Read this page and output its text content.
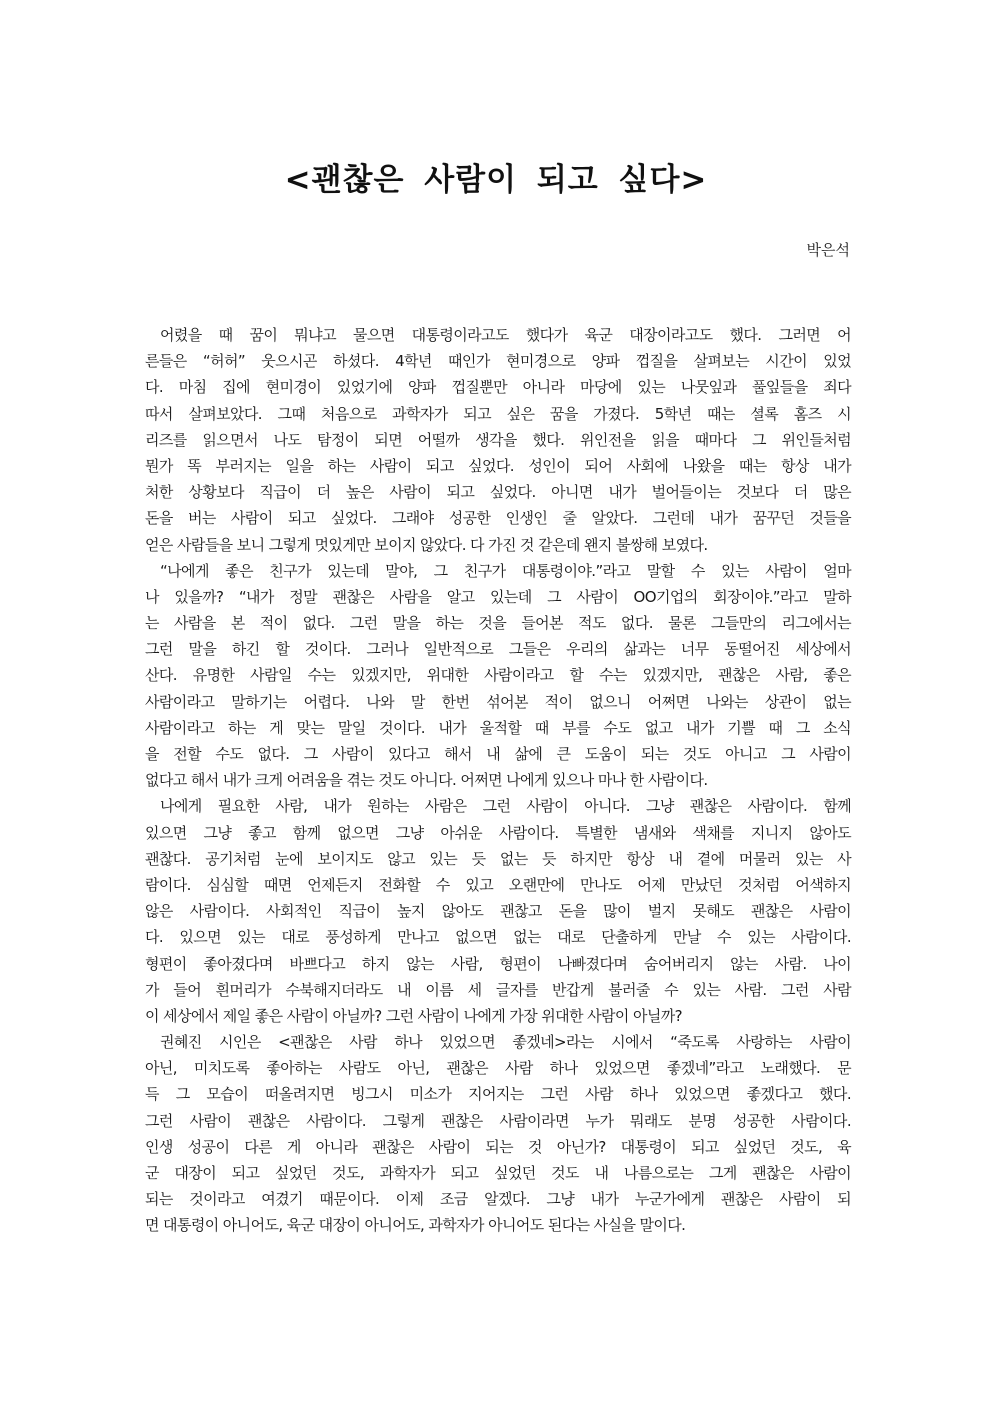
<괜찮은 사람이 되고 싶다>
박은석
어렸을 때 꿈이 뭐냐고 물으면 대통령이라고도 했다가 육군 대장이라고도 했다. 그러면 어
른들은 “허허” 웃으시곤 하셨다. 4학년 때인가 현미경으로 양파 껍질을 살펴보는 시간이 있었
다. 마침 집에 현미경이 있었기에 양파 껍질뿐만 아니라 마당에 있는 나뭇잎과 풀잎들을 죄다
따서 살펴보았다. 그때 처음으로 과학자가 되고 싶은 꿈을 가졌다. 5학년 때는 셜록 홈즈 시
리즈를 읽으면서 나도 탐정이 되면 어떨까 생각을 했다. 위인전을 읽을 때마다 그 위인들처럼
뭔가 똑 부러지는 일을 하는 사람이 되고 싶었다. 성인이 되어 사회에 나왔을 때는 항상 내가
처한 상황보다 직급이 더 높은 사람이 되고 싶었다. 아니면 내가 벌어들이는 것보다 더 많은
돈을 버는 사람이 되고 싶었다. 그래야 성공한 인생인 줄 알았다. 그런데 내가 꿈꾸던 것들을
얻은 사람들을 보니 그렇게 멋있게만 보이지 않았다. 다 가진 것 같은데 왠지 불쌍해 보였다.
“나에게 좋은 친구가 있는데 말야, 그 친구가 대통령이야.”라고 말할 수 있는 사람이 얼마
나 있을까? “내가 정말 괜찮은 사람을 알고 있는데 그 사람이 OO기업의 회장이야.”라고 말하
는 사람을 본 적이 없다. 그런 말을 하는 것을 들어본 적도 없다. 물론 그들만의 리그에서는
그런 말을 하긴 할 것이다. 그러나 일반적으로 그들은 우리의 삶과는 너무 동떨어진 세상에서
산다. 유명한 사람일 수는 있겠지만, 위대한 사람이라고 할 수는 있겠지만, 괜찮은 사람, 좋은
사람이라고 말하기는 어렵다. 나와 말 한번 섞어본 적이 없으니 어쩌면 나와는 상관이 없는
사람이라고 하는 게 맞는 말일 것이다. 내가 울적할 때 부를 수도 없고 내가 기쁠 때 그 소식
을 전할 수도 없다. 그 사람이 있다고 해서 내 삶에 큰 도움이 되는 것도 아니고 그 사람이
없다고 해서 내가 크게 어려움을 겪는 것도 아니다. 어쩌면 나에게 있으나 마나 한 사람이다.
나에게 필요한 사람, 내가 원하는 사람은 그런 사람이 아니다. 그냥 괜찮은 사람이다. 함께
있으면 그냥 좋고 함께 없으면 그냥 아쉬운 사람이다. 특별한 냄새와 색채를 지니지 않아도
괜찮다. 공기처럼 눈에 보이지도 않고 있는 듯 없는 듯 하지만 항상 내 곁에 머물러 있는 사
람이다. 심심할 때면 언제든지 전화할 수 있고 오랜만에 만나도 어제 만났던 것처럼 어색하지
않은 사람이다. 사회적인 직급이 높지 않아도 괜찮고 돈을 많이 벌지 못해도 괜찮은 사람이
다. 있으면 있는 대로 풍성하게 만나고 없으면 없는 대로 단출하게 만날 수 있는 사람이다.
형편이 좋아졌다며 바쁘다고 하지 않는 사람, 형편이 나빠졌다며 숨어버리지 않는 사람. 나이
가 들어 흰머리가 수북해지더라도 내 이름 세 글자를 반갑게 불러줄 수 있는 사람. 그런 사람
이 세상에서 제일 좋은 사람이 아닐까? 그런 사람이 나에게 가장 위대한 사람이 아닐까?
권혜진 시인은 <괜찮은 사람 하나 있었으면 좋겠네>라는 시에서 “죽도록 사랑하는 사람이
아닌, 미치도록 좋아하는 사람도 아닌, 괜찮은 사람 하나 있었으면 좋겠네”라고 노래했다. 문
득 그 모습이 떠올려지면 빙그시 미소가 지어지는 그런 사람 하나 있었으면 좋겠다고 했다.
그런 사람이 괜찮은 사람이다. 그렇게 괜찮은 사람이라면 누가 뭐래도 분명 성공한 사람이다.
인생 성공이 다른 게 아니라 괜찮은 사람이 되는 것 아닌가? 대통령이 되고 싶었던 것도, 육
군 대장이 되고 싶었던 것도, 과학자가 되고 싶었던 것도 내 나름으로는 그게 괜찮은 사람이
되는 것이라고 여겼기 때문이다. 이제 조금 알겠다. 그냥 내가 누군가에게 괜찮은 사람이 되
면 대통령이 아니어도, 육군 대장이 아니어도, 과학자가 아니어도 된다는 사실을 말이다.
